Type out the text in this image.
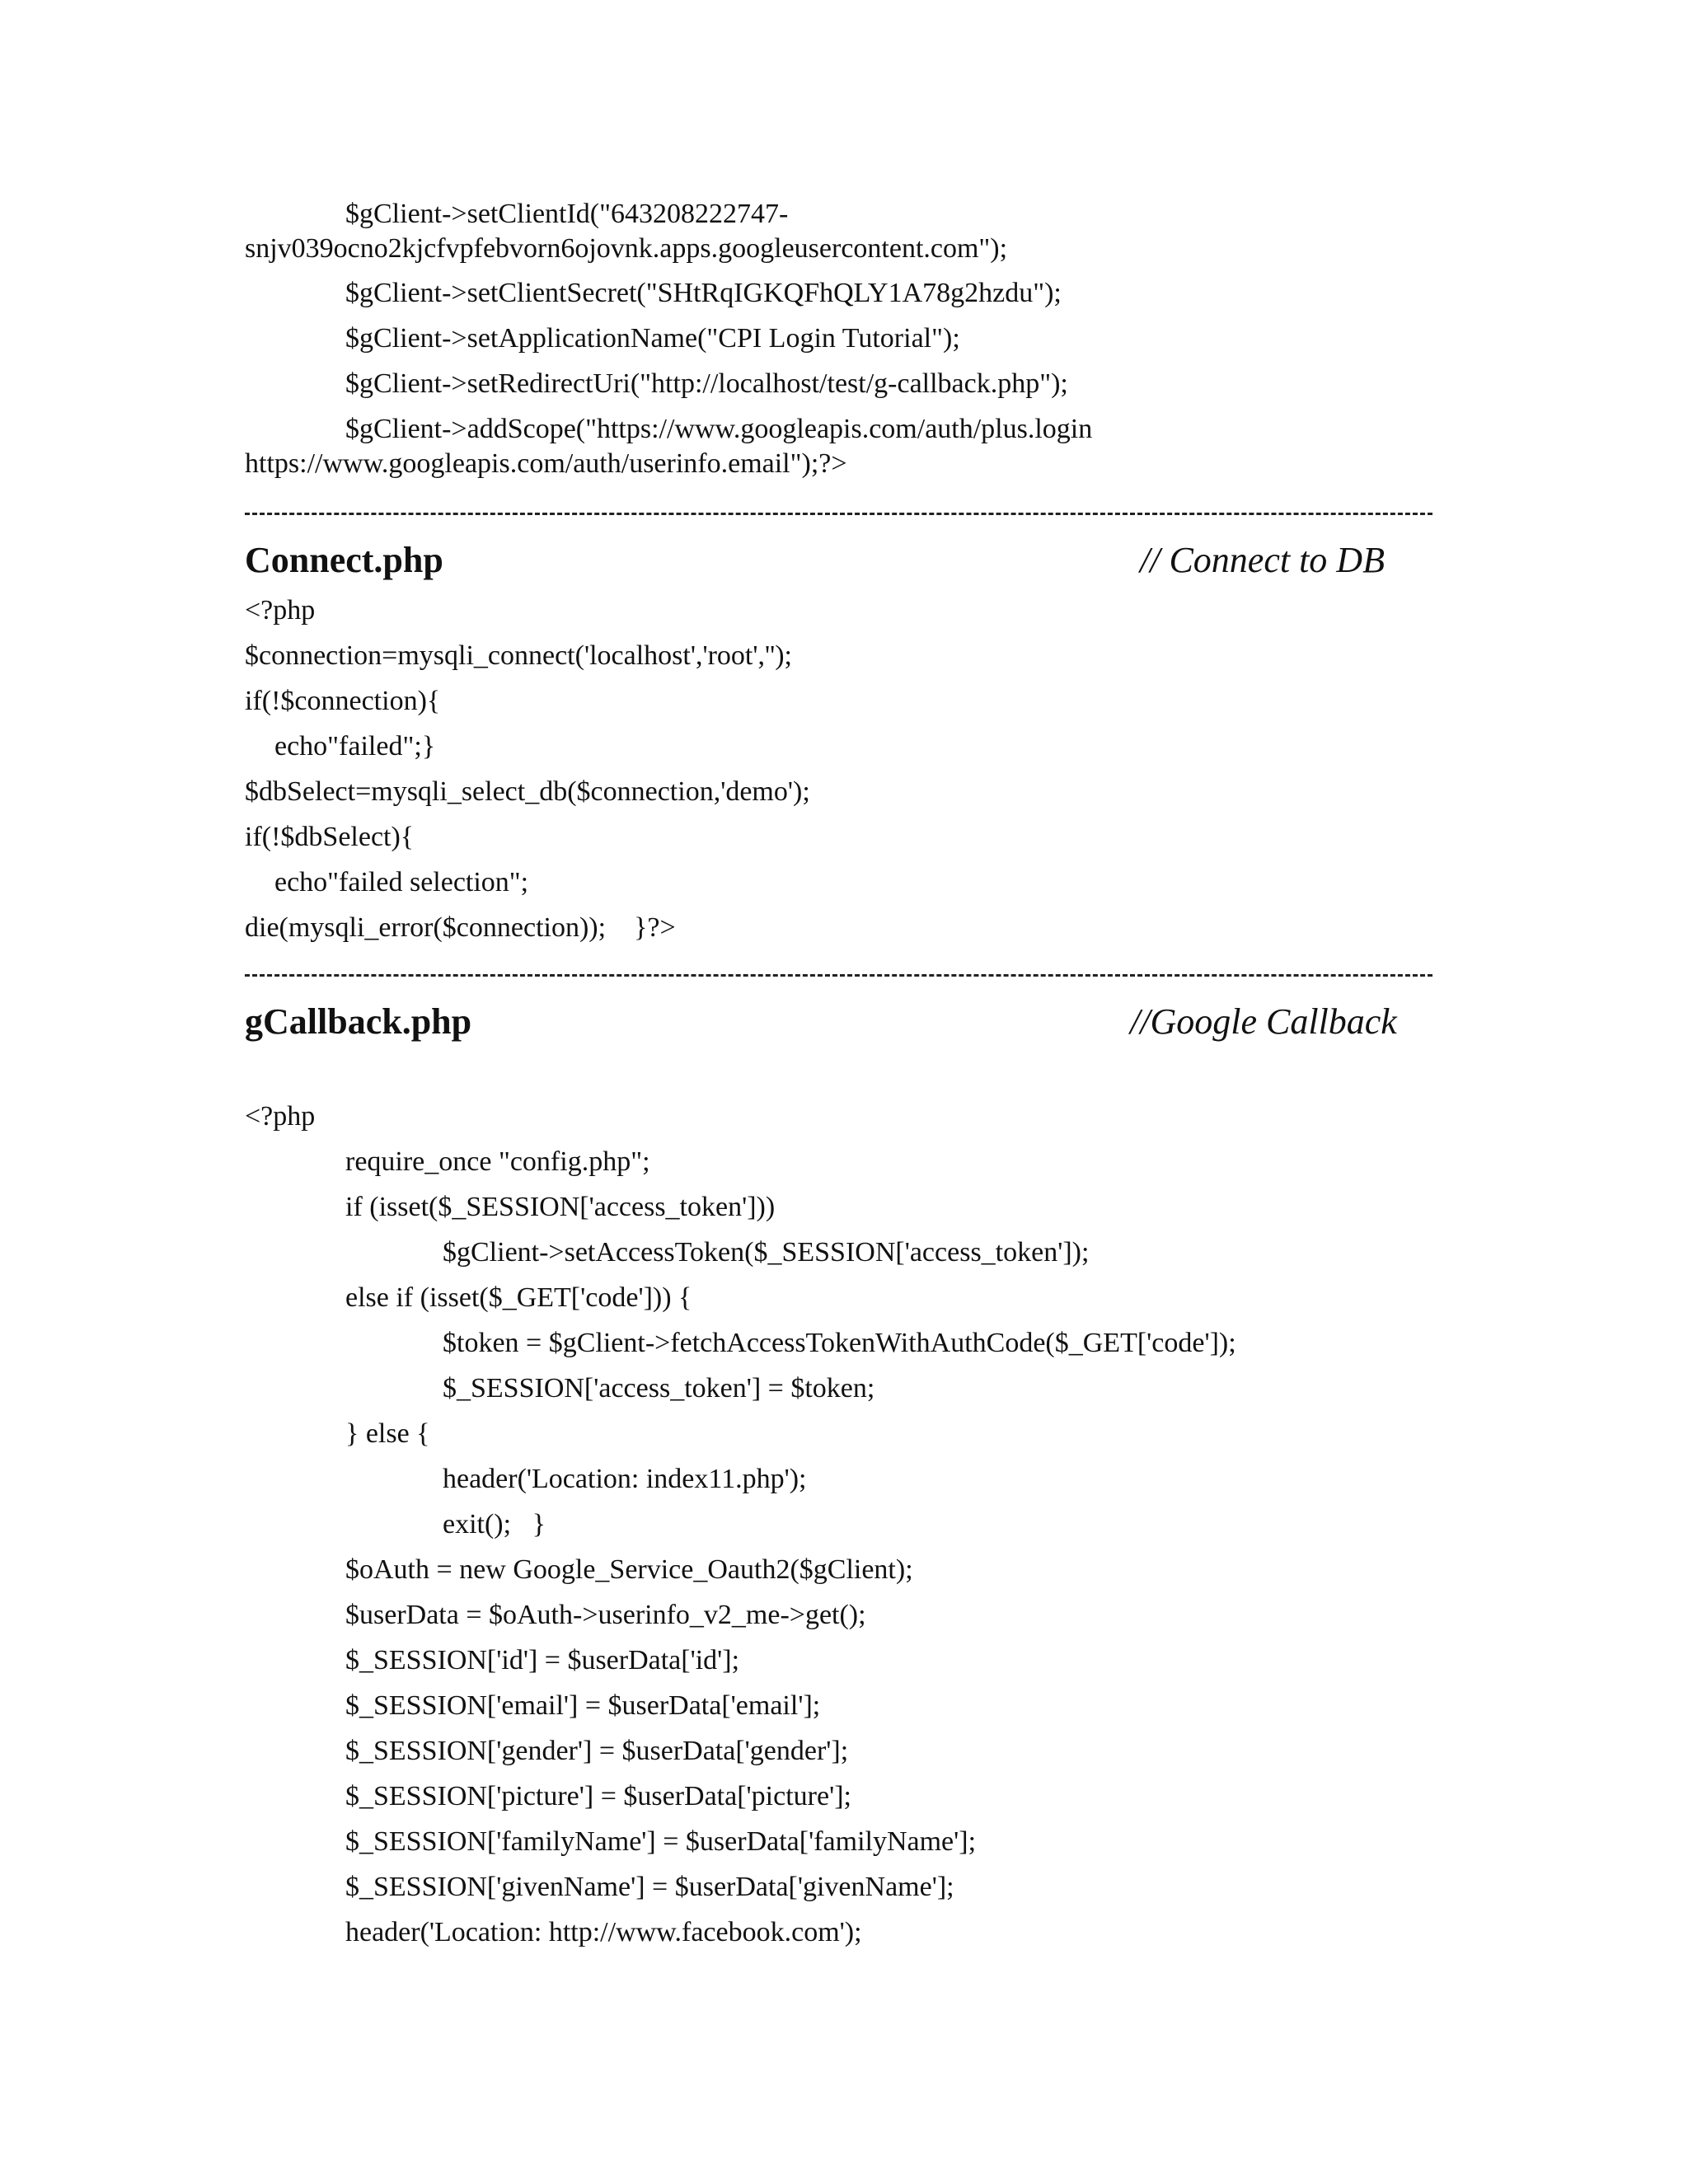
$gClient->setClientId("643208222747-
snjv039ocno2kjcfvpfebvorn6ojovnk.apps.googleusercontent.com");
$gClient->setClientSecret("SHtRqIGKQFhQLY1A78g2hzdu");
$gClient->setApplicationName("CPI Login Tutorial");
$gClient->setRedirectUri("http://localhost/test/g-callback.php");
$gClient->addScope("https://www.googleapis.com/auth/plus.login
https://www.googleapis.com/auth/userinfo.email");?>
Connect.php	// Connect to DB
<?php
$connection=mysqli_connect('localhost','root','');
if(!$connection){
echo"failed";}
$dbSelect=mysqli_select_db($connection,'demo');
if(!$dbSelect){
echo"failed selection";
die(mysqli_error($connection));    }?>
gCallback.php	//Google Callback
<?php
require_once "config.php";
if (isset($_SESSION['access_token']))
$gClient->setAccessToken($_SESSION['access_token']);
else if (isset($_GET['code'])) {
$token = $gClient->fetchAccessTokenWithAuthCode($_GET['code']);
$_SESSION['access_token'] = $token;
} else {
header('Location: index11.php');
exit();   }
$oAuth = new Google_Service_Oauth2($gClient);
$userData = $oAuth->userinfo_v2_me->get();
$_SESSION['id'] = $userData['id'];
$_SESSION['email'] = $userData['email'];
$_SESSION['gender'] = $userData['gender'];
$_SESSION['picture'] = $userData['picture'];
$_SESSION['familyName'] = $userData['familyName'];
$_SESSION['givenName'] = $userData['givenName'];
header('Location: http://www.facebook.com');
